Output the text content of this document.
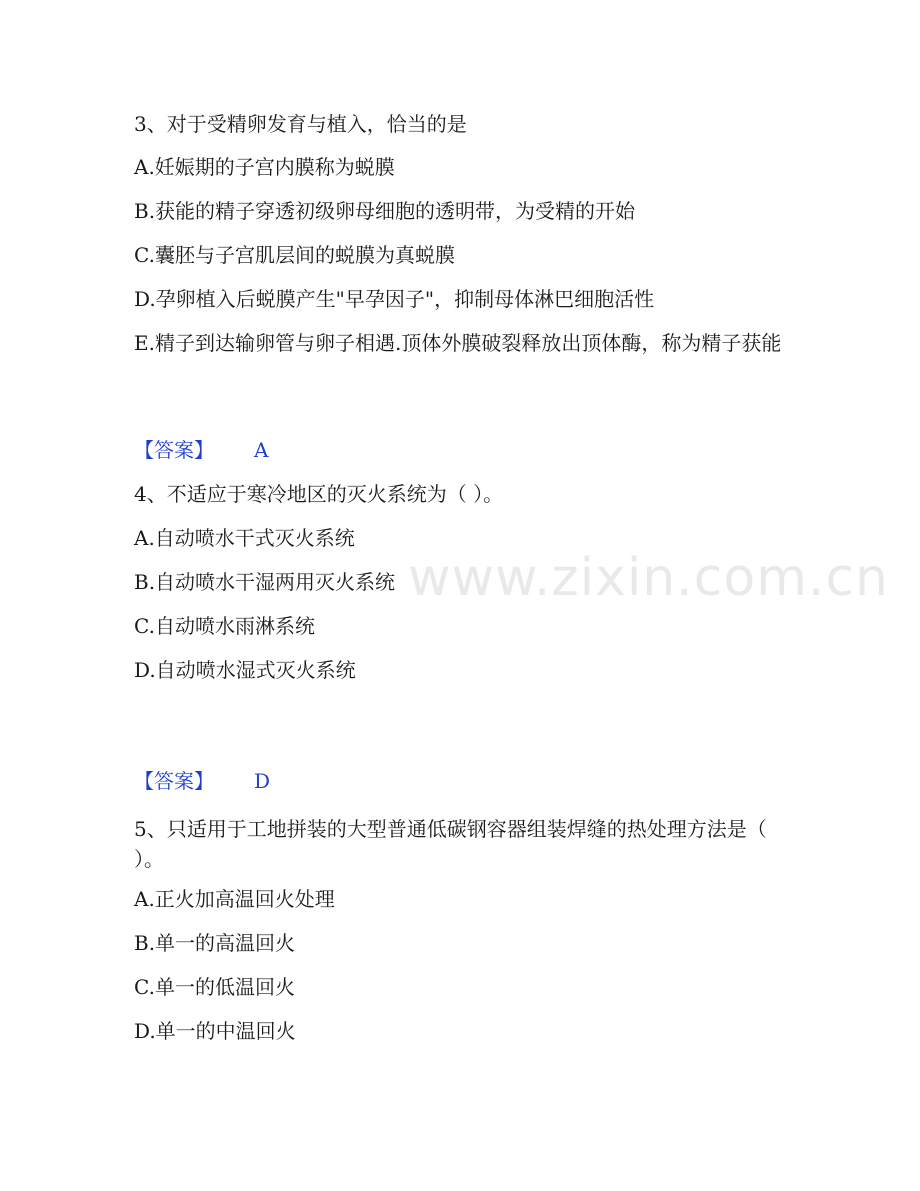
www.zixin.com.cn
3、对于受精卵发育与植入，恰当的是
A.妊娠期的子宫内膜称为蜕膜
B.获能的精子穿透初级卵母细胞的透明带，为受精的开始
C.囊胚与子宫肌层间的蜕膜为真蜕膜
D.孕卵植入后蜕膜产生"早孕因子"，抑制母体淋巴细胞活性
E.精子到达输卵管与卵子相遇.顶体外膜破裂释放出顶体酶，称为精子获能
【答案】 A
4、不适应于寒冷地区的灭火系统为（ ）。
A.自动喷水干式灭火系统
B.自动喷水干湿两用灭火系统
C.自动喷水雨淋系统
D.自动喷水湿式灭火系统
【答案】 D
5、只适用于工地拼装的大型普通低碳钢容器组装焊缝的热处理方法是（ ）。
A.正火加高温回火处理
B.单一的高温回火
C.单一的低温回火
D.单一的中温回火
